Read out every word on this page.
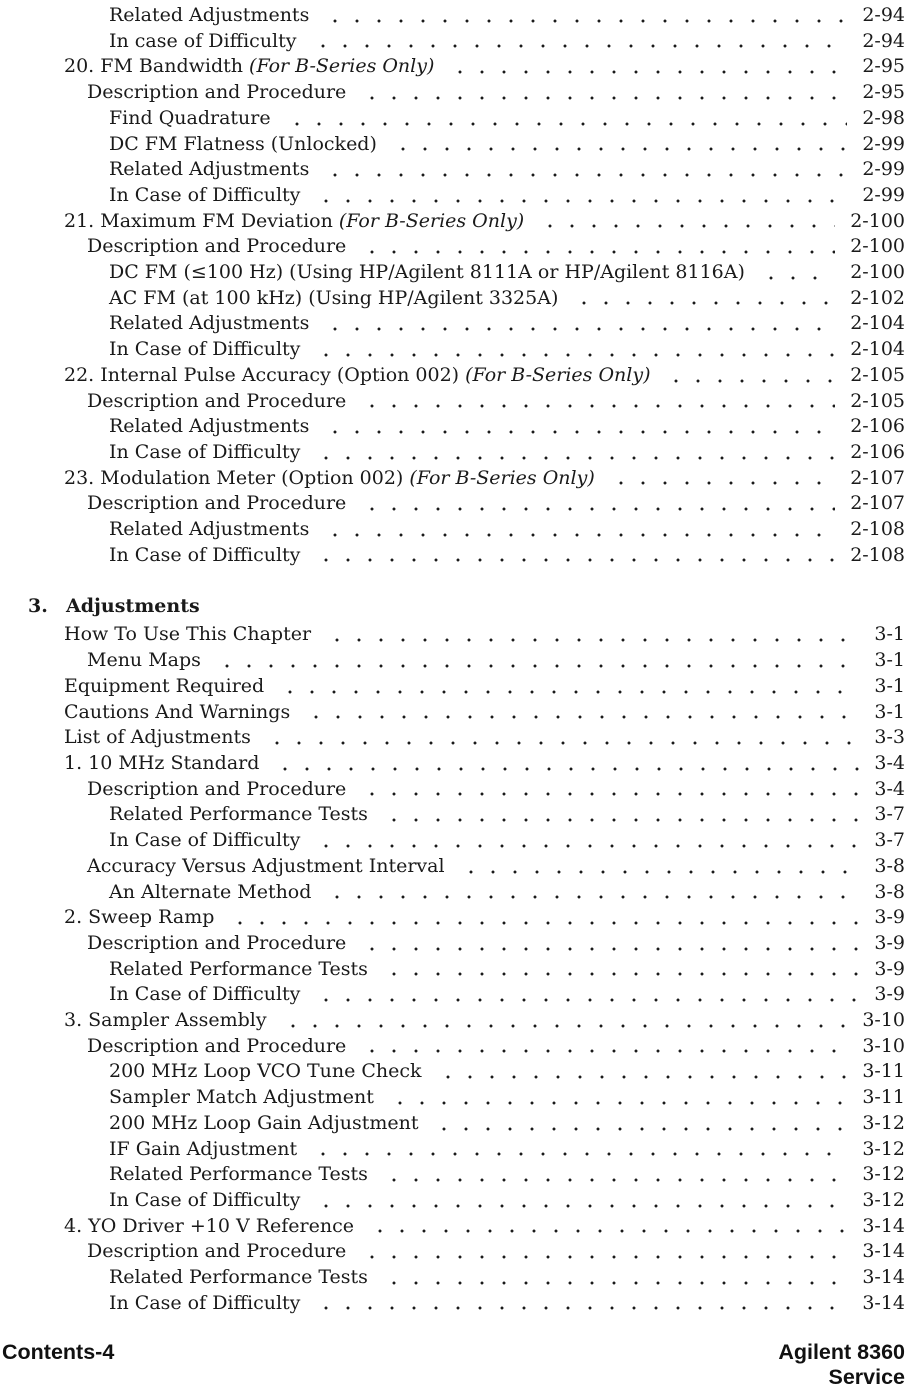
Related Adjustments	2-94
In case of Difficulty	2-94
20. FM Bandwidth (For B-Series Only)	2-95
Description and Procedure	2-95
Find Quadrature	2-98
DC FM Flatness (Unlocked)	2-99
Related Adjustments	2-99
In Case of Difficulty	2-99
21. Maximum FM Deviation (For B-Series Only)	2-100
Description and Procedure	2-100
DC FM (≤100 Hz) (Using HP/Agilent 8111A or HP/Agilent 8116A)	2-100
AC FM (at 100 kHz) (Using HP/Agilent 3325A)	2-102
Related Adjustments	2-104
In Case of Difficulty	2-104
22. Internal Pulse Accuracy (Option 002) (For B-Series Only)	2-105
Description and Procedure	2-105
Related Adjustments	2-106
In Case of Difficulty	2-106
23. Modulation Meter (Option 002) (For B-Series Only)	2-107
Description and Procedure	2-107
Related Adjustments	2-108
In Case of Difficulty	2-108
3. Adjustments
How To Use This Chapter	3-1
Menu Maps	3-1
Equipment Required	3-1
Cautions And Warnings	3-1
List of Adjustments	3-3
1. 10 MHz Standard	3-4
Description and Procedure	3-4
Related Performance Tests	3-7
In Case of Difficulty	3-7
Accuracy Versus Adjustment Interval	3-8
An Alternate Method	3-8
2. Sweep Ramp	3-9
Description and Procedure	3-9
Related Performance Tests	3-9
In Case of Difficulty	3-9
3. Sampler Assembly	3-10
Description and Procedure	3-10
200 MHz Loop VCO Tune Check	3-11
Sampler Match Adjustment	3-11
200 MHz Loop Gain Adjustment	3-12
IF Gain Adjustment	3-12
Related Performance Tests	3-12
In Case of Difficulty	3-12
4. YO Driver +10 V Reference	3-14
Description and Procedure	3-14
Related Performance Tests	3-14
In Case of Difficulty	3-14
Contents-4	Agilent 8360
Service
